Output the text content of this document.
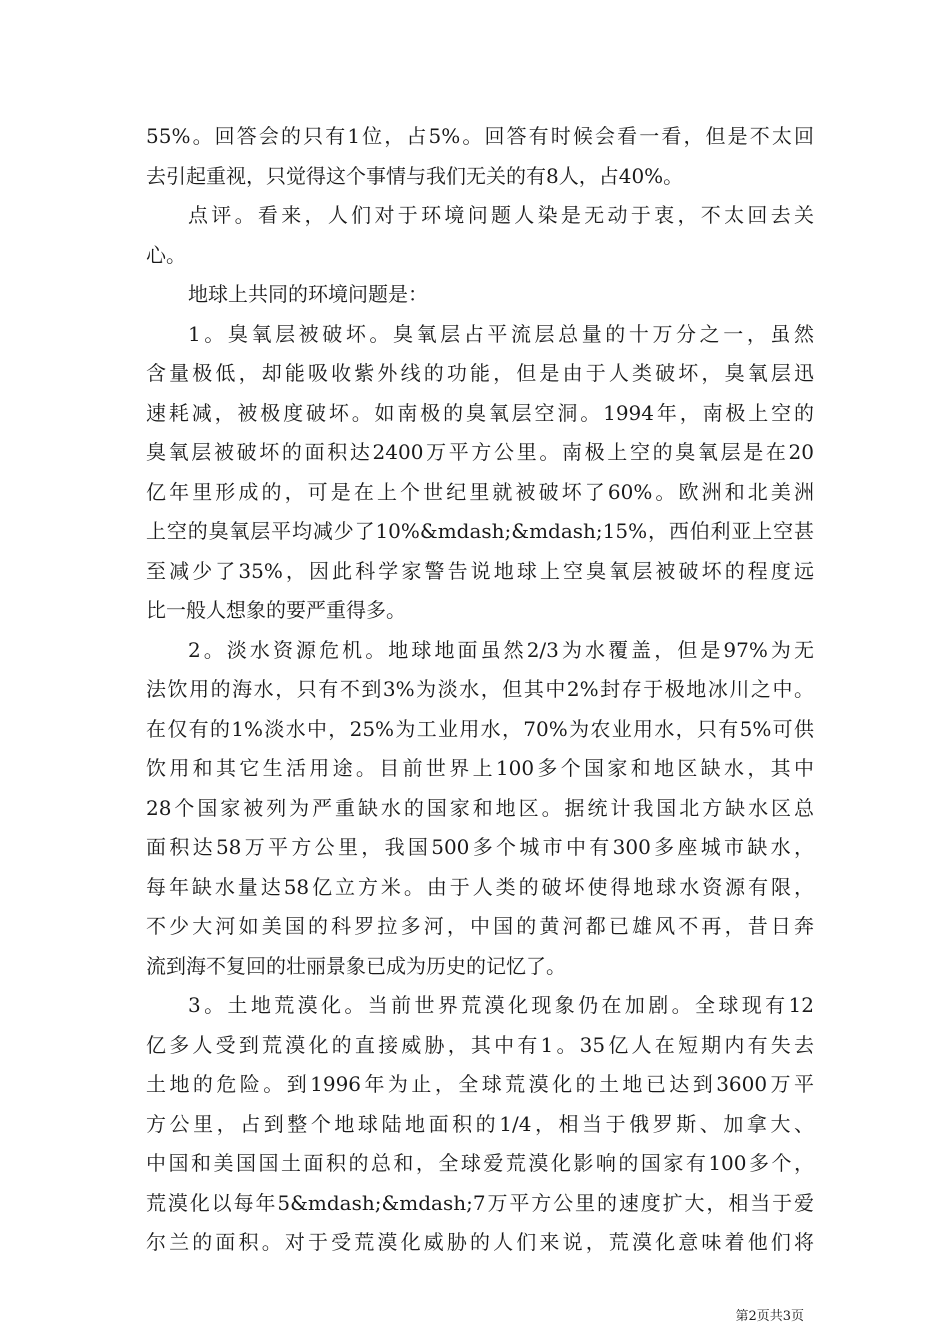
55%。回答会的只有1位，占5%。回答有时候会看一看，但是不太回
去引起重视，只觉得这个事情与我们无关的有8人，占40%。
点评。看来，人们对于环境问题人染是无动于衷，不太回去关
心。
地球上共同的环境问题是：
1。臭氧层被破坏。臭氧层占平流层总量的十万分之一，虽然
含量极低，却能吸收紫外线的功能，但是由于人类破坏，臭氧层迅
速耗减，被极度破坏。如南极的臭氧层空洞。1994年，南极上空的
臭氧层被破坏的面积达2400万平方公里。南极上空的臭氧层是在20
亿年里形成的，可是在上个世纪里就被破坏了60%。欧洲和北美洲
上空的臭氧层平均减少了10%&mdash;&mdash;15%，西伯利亚上空甚
至减少了35%，因此科学家警告说地球上空臭氧层被破坏的程度远
比一般人想象的要严重得多。
2。淡水资源危机。地球地面虽然2/3为水覆盖，但是97%为无
法饮用的海水，只有不到3%为淡水，但其中2%封存于极地冰川之中。
在仅有的1%淡水中，25%为工业用水，70%为农业用水，只有5%可供
饮用和其它生活用途。目前世界上100多个国家和地区缺水，其中
28个国家被列为严重缺水的国家和地区。据统计我国北方缺水区总
面积达58万平方公里，我国500多个城市中有300多座城市缺水，
每年缺水量达58亿立方米。由于人类的破坏使得地球水资源有限，
不少大河如美国的科罗拉多河，中国的黄河都已雄风不再，昔日奔
流到海不复回的壮丽景象已成为历史的记忆了。
3。土地荒漠化。当前世界荒漠化现象仍在加剧。全球现有12
亿多人受到荒漠化的直接威胁，其中有1。35亿人在短期内有失去
土地的危险。到1996年为止，全球荒漠化的土地已达到3600万平
方公里，占到整个地球陆地面积的1/4，相当于俄罗斯、加拿大、
中国和美国国土面积的总和，全球爱荒漠化影响的国家有100多个，
荒漠化以每年5&mdash;&mdash;7万平方公里的速度扩大，相当于爱
尔兰的面积。对于受荒漠化威胁的人们来说，荒漠化意味着他们将
第2页共3页
